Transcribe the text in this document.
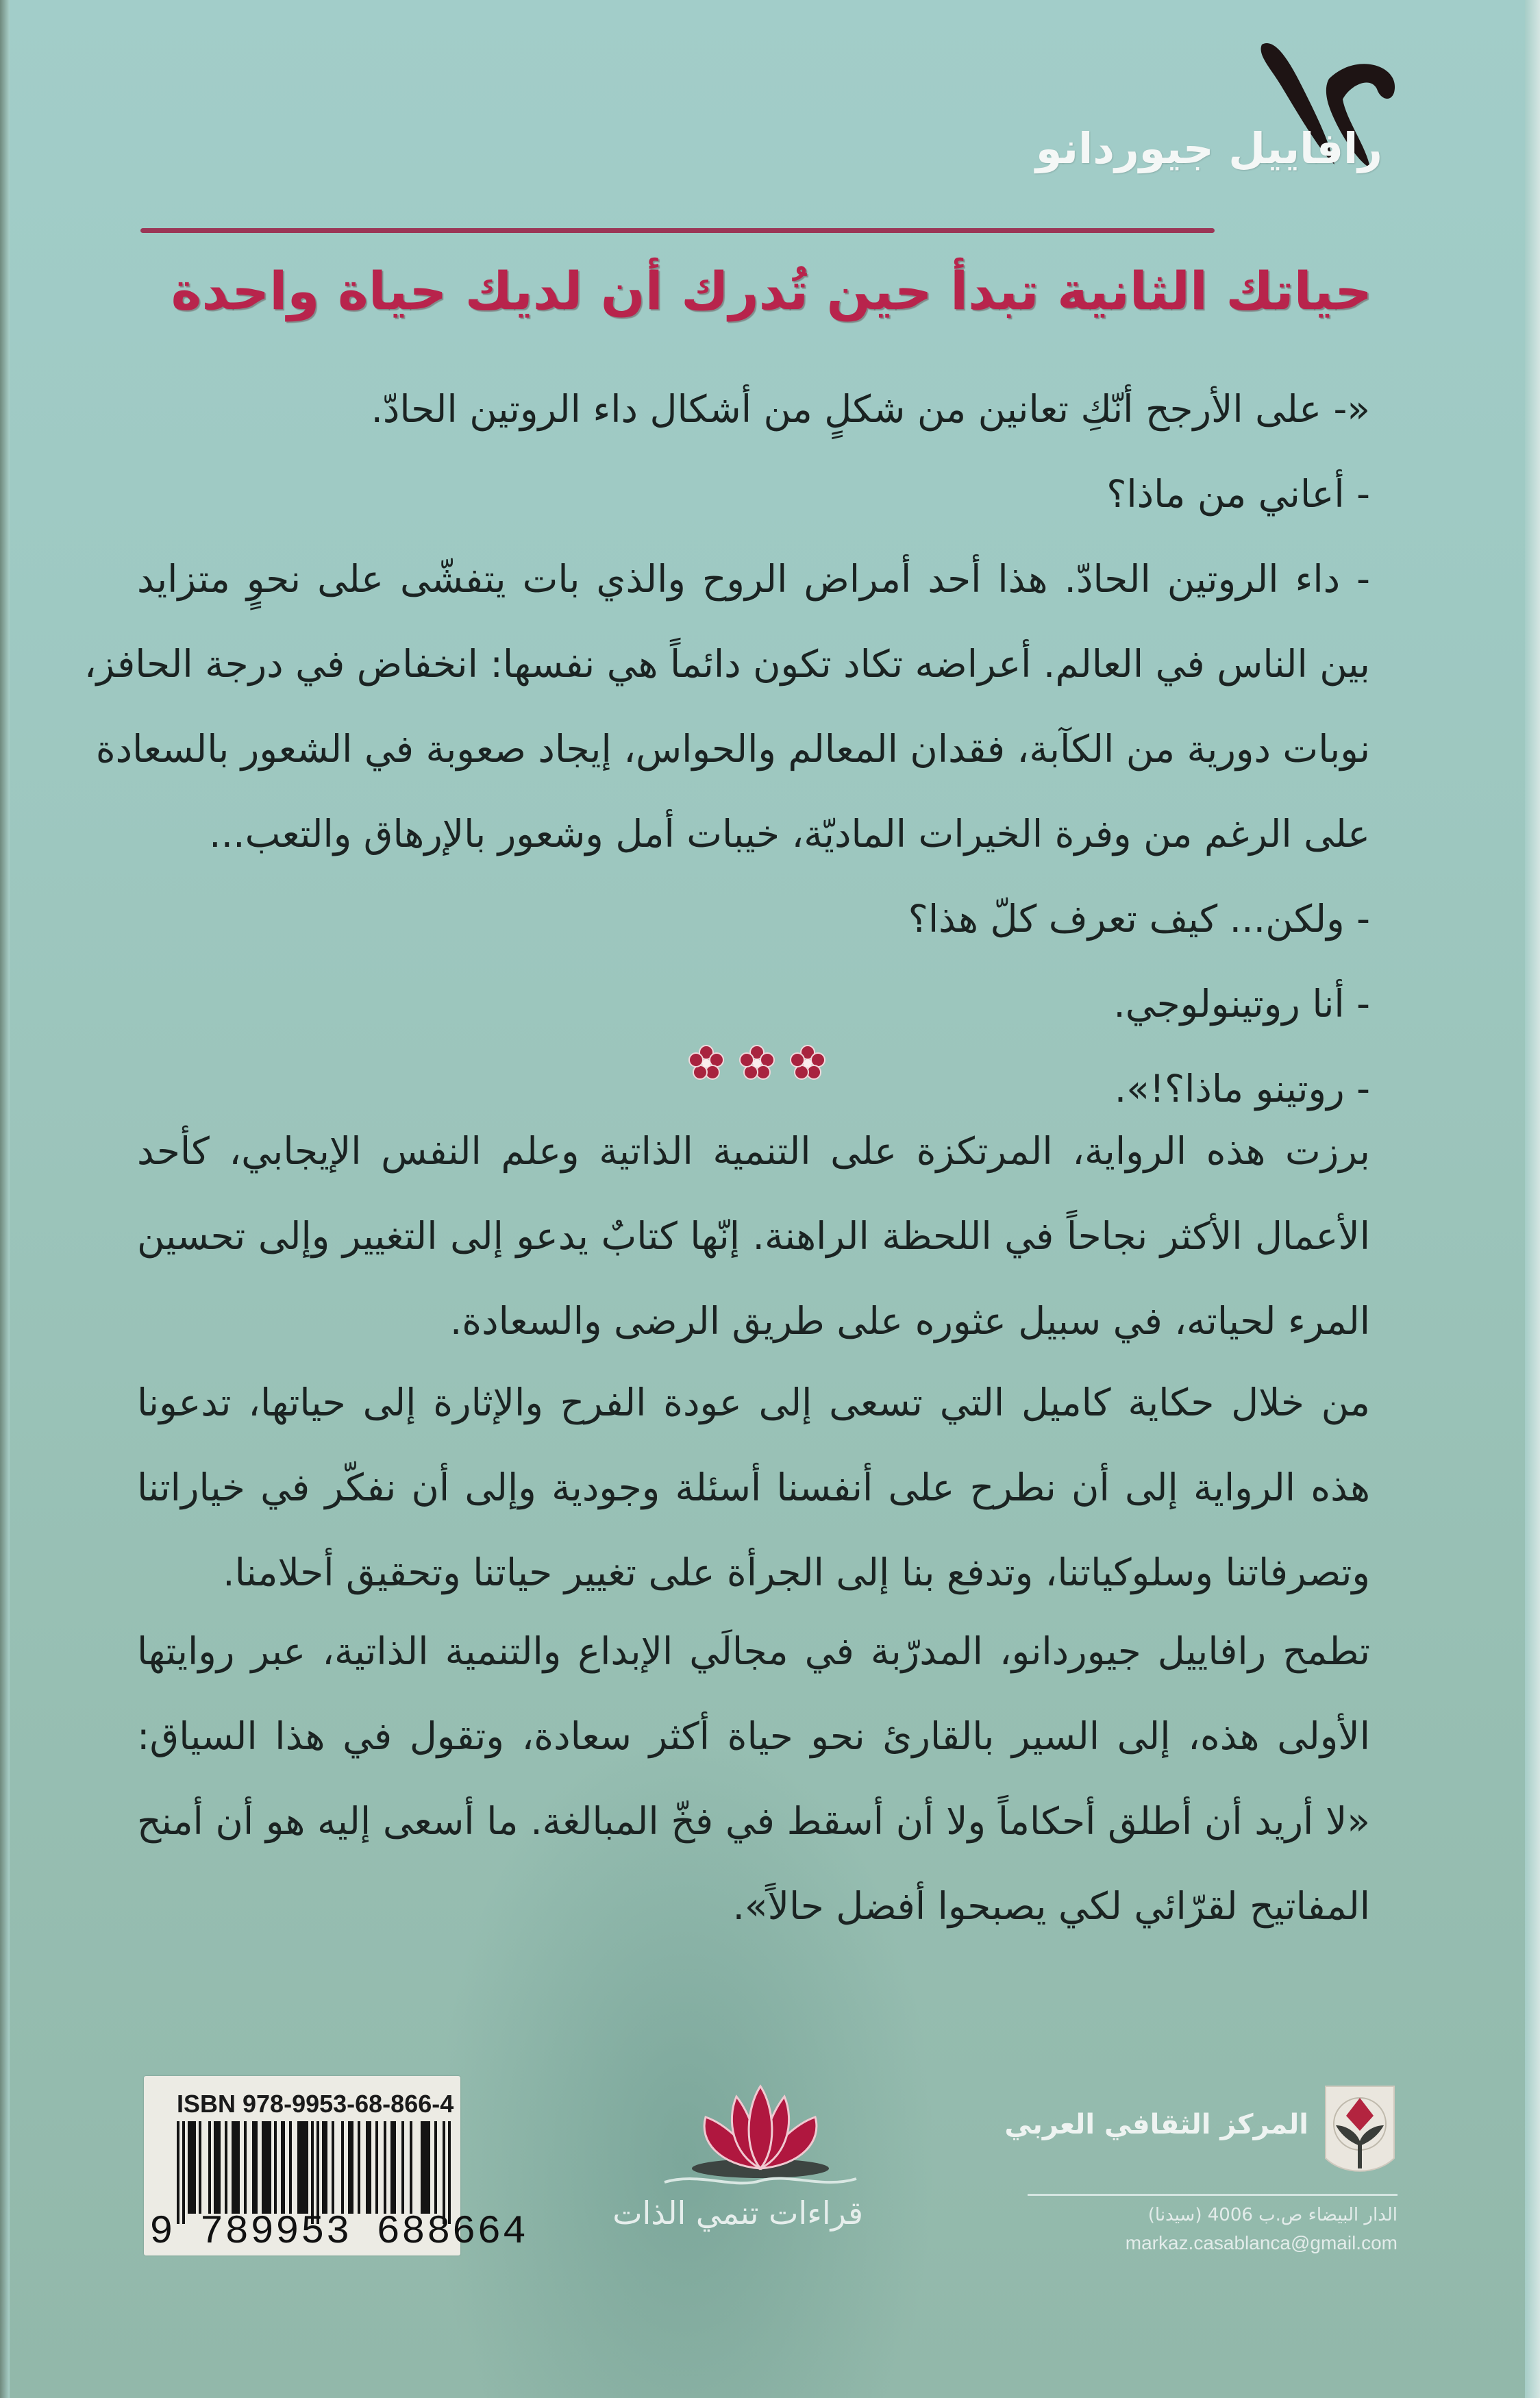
رافاييل جيوردانو
حياتك الثانية تبدأ حين تُدرك أن لديك حياة واحدة
«- على الأرجح أنّكِ تعانين من شكلٍ من أشكال داء الروتين الحادّ.
- أعاني من ماذا؟
- داء الروتين الحادّ. هذا أحد أمراض الروح والذي بات يتفشّى على نحوٍ متزايد
بين الناس في العالم. أعراضه تكاد تكون دائماً هي نفسها: انخفاض في درجة الحافز،
نوبات دورية من الكآبة، فقدان المعالم والحواس، إيجاد صعوبة في الشعور بالسعادة
على الرغم من وفرة الخيرات الماديّة، خيبات أمل وشعور بالإرهاق والتعب...
- ولكن... كيف تعرف كلّ هذا؟
- أنا روتينولوجي.
- روتينو ماذا؟!».
برزت هذه الرواية، المرتكزة على التنمية الذاتية وعلم النفس الإيجابي، كأحد
الأعمال الأكثر نجاحاً في اللحظة الراهنة. إنّها كتابٌ يدعو إلى التغيير وإلى تحسين
المرء لحياته، في سبيل عثوره على طريق الرضى والسعادة.
من خلال حكاية كاميل التي تسعى إلى عودة الفرح والإثارة إلى حياتها، تدعونا
هذه الرواية إلى أن نطرح على أنفسنا أسئلة وجودية وإلى أن نفكّر في خياراتنا
وتصرفاتنا وسلوكياتنا، وتدفع بنا إلى الجرأة على تغيير حياتنا وتحقيق أحلامنا.
تطمح رافاييل جيوردانو، المدرّبة في مجالَي الإبداع والتنمية الذاتية، عبر روايتها
الأولى هذه، إلى السير بالقارئ نحو حياة أكثر سعادة، وتقول في هذا السياق:
«لا أريد أن أطلق أحكاماً ولا أن أسقط في فخّ المبالغة. ما أسعى إليه هو أن أمنح
المفاتيح لقرّائي لكي يصبحوا أفضل حالاً».
ISBN 978-9953-68-866-4
9 789953 688664	قراءات تنمي الذات
المركز الثقافي العربي
الدار البيضاء ص.ب 4006 (سيدنا)
markaz.casablanca@gmail.com
